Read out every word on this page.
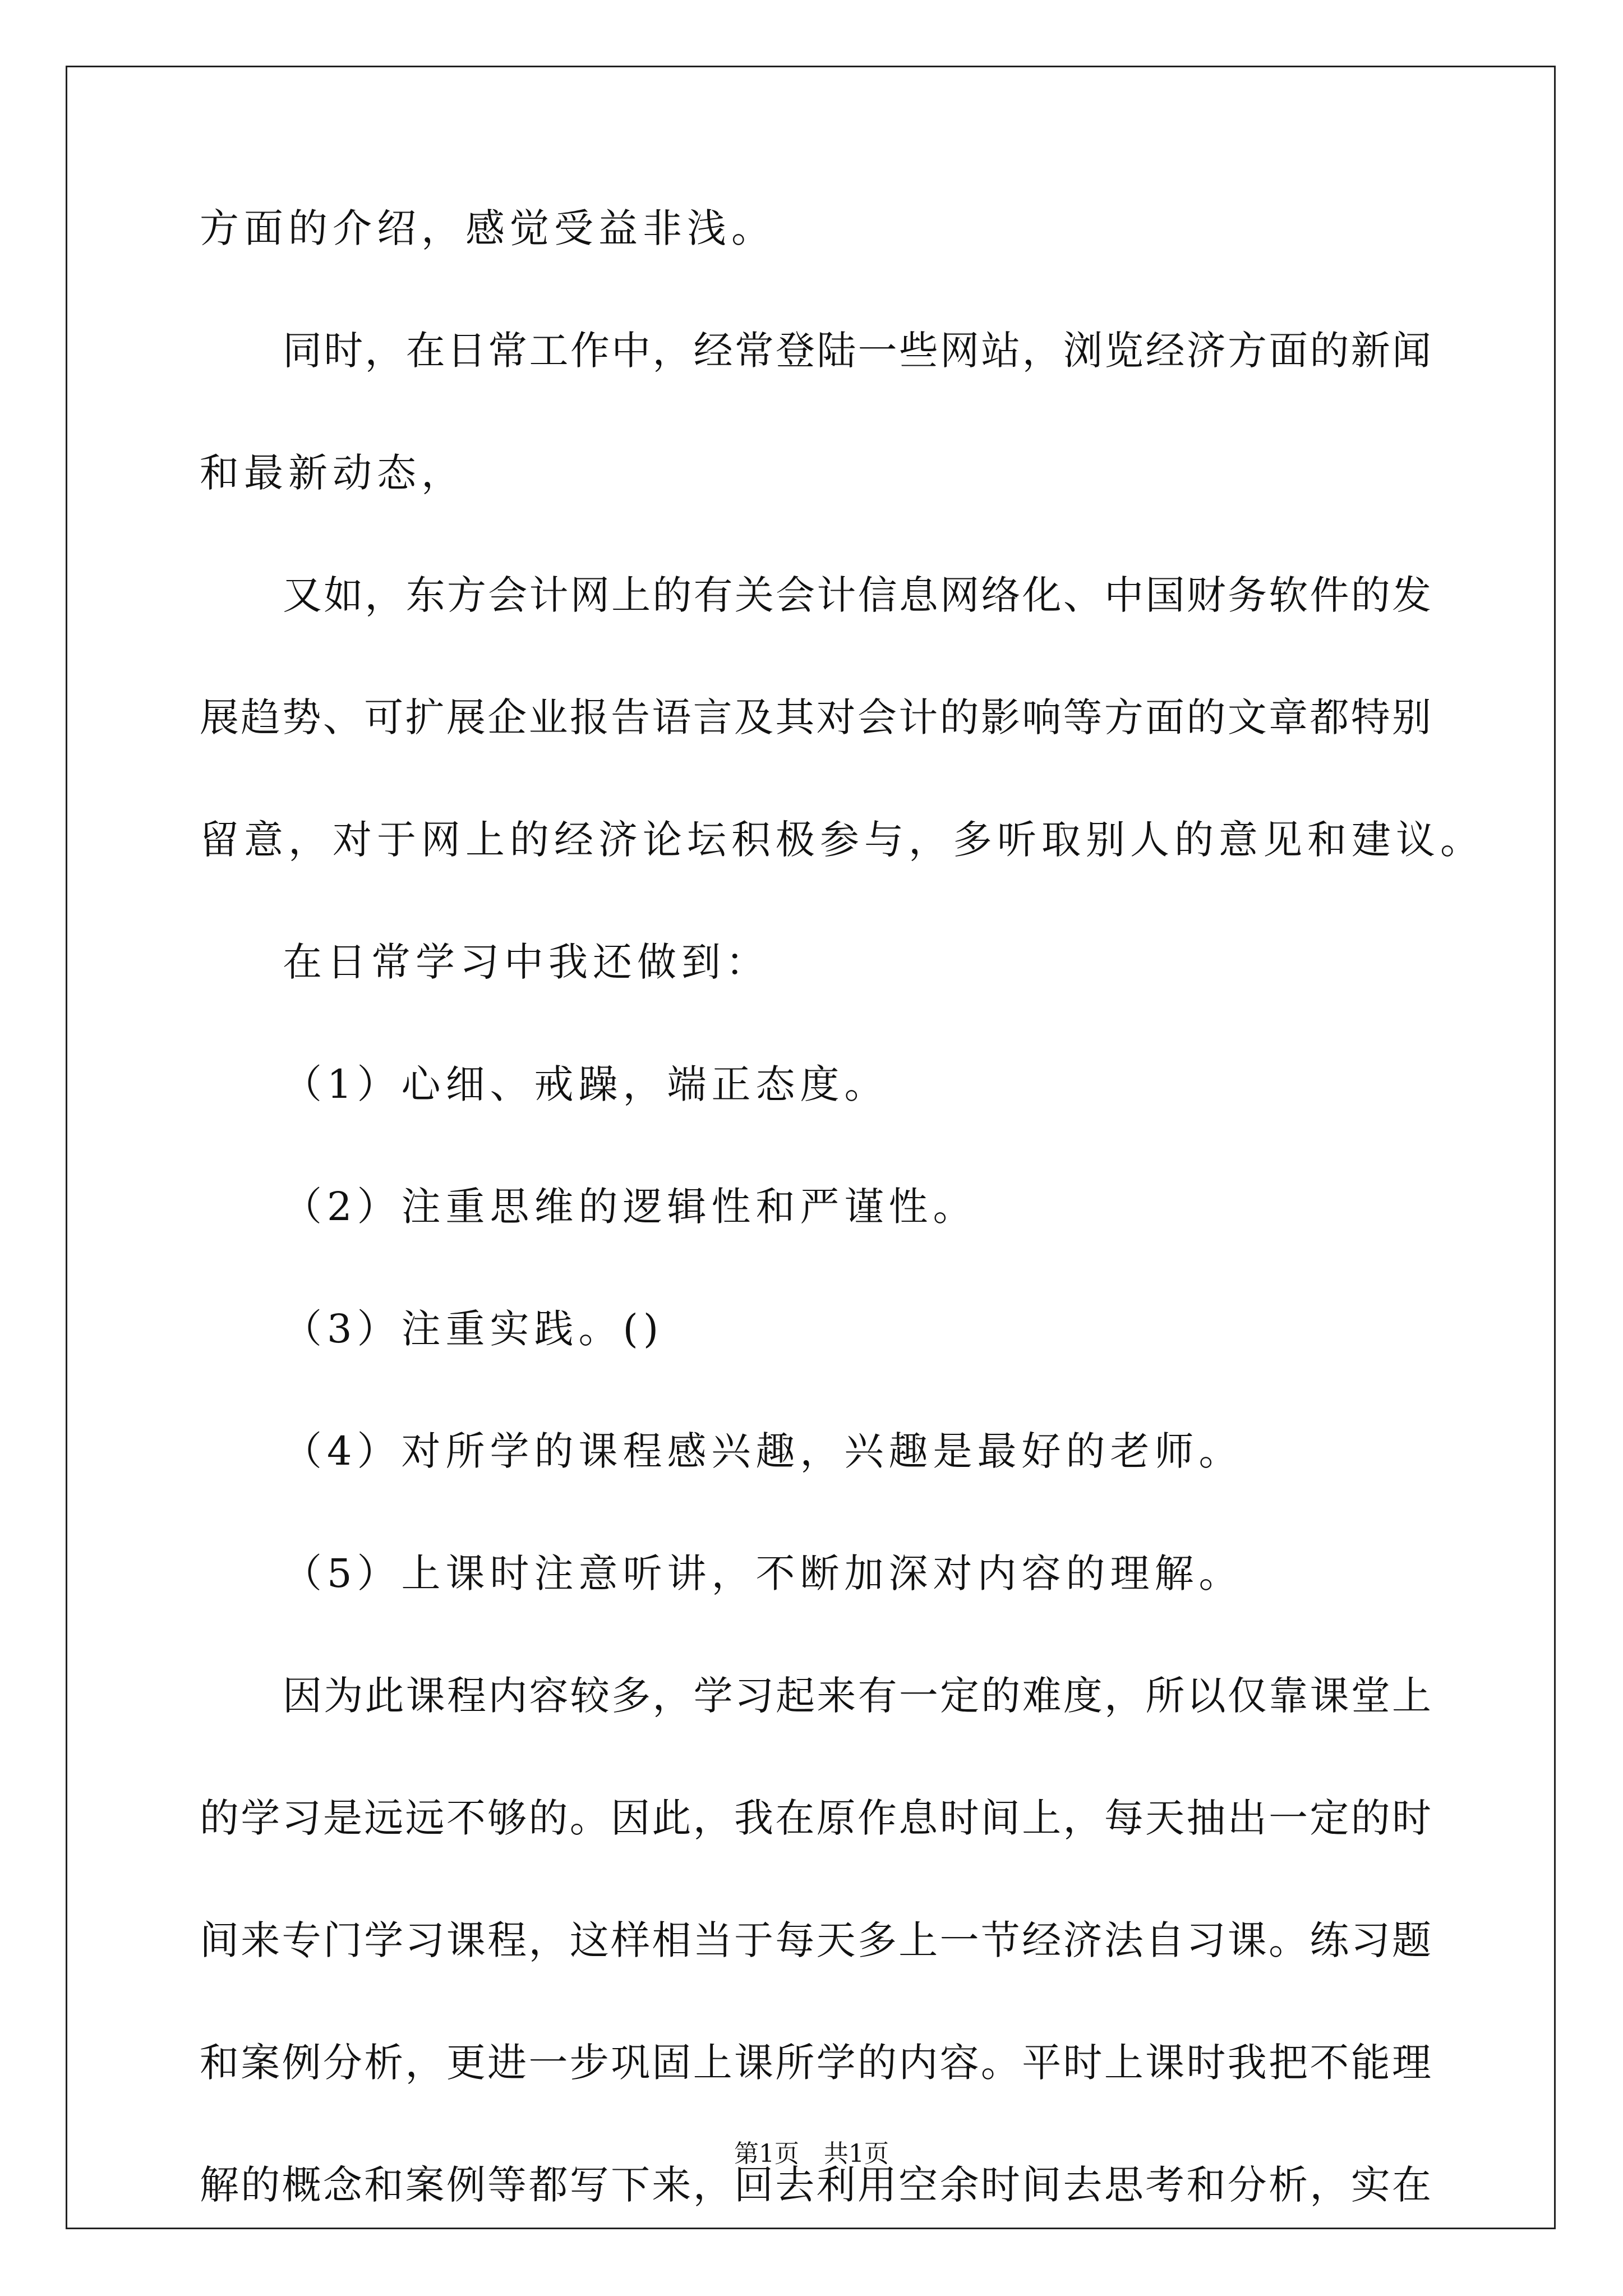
方面的介绍，感觉受益非浅。
同时，在日常工作中，经常登陆一些网站，浏览经济方面的新闻
和最新动态，
又如，东方会计网上的有关会计信息网络化、中国财务软件的发
展趋势、可扩展企业报告语言及其对会计的影响等方面的文章都特别
留意，对于网上的经济论坛积极参与，多听取别人的意见和建议。
在日常学习中我还做到：
（1）心细、戒躁，端正态度。
（2）注重思维的逻辑性和严谨性。
（3）注重实践。()
（4）对所学的课程感兴趣，兴趣是最好的老师。
（5）上课时注意听讲，不断加深对内容的理解。
因为此课程内容较多，学习起来有一定的难度，所以仅靠课堂上
的学习是远远不够的。因此，我在原作息时间上，每天抽出一定的时
间来专门学习课程，这样相当于每天多上一节经济法自习课。练习题
和案例分析，更进一步巩固上课所学的内容。平时上课时我把不能理
解的概念和案例等都写下来，回去利用空余时间去思考和分析，实在
第1页　共1页
